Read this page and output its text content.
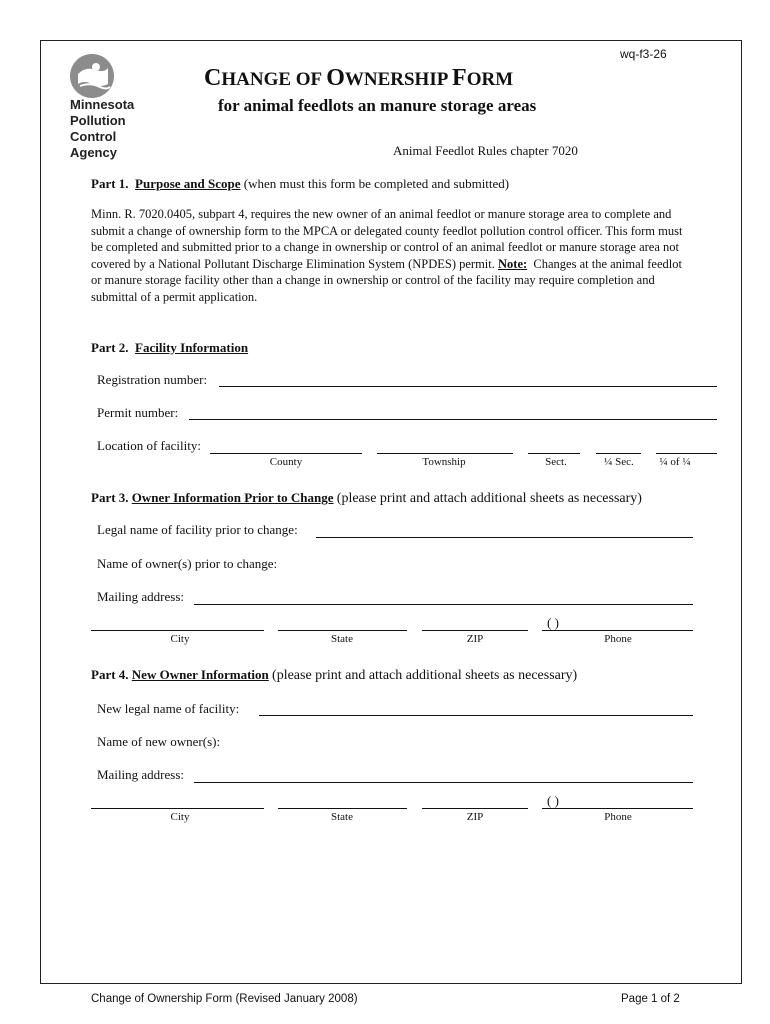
wq-f3-26
Minnesota
Pollution
Control
Agency
CHANGE OF OWNERSHIP FORM
for animal feedlots an manure storage areas
Animal Feedlot Rules chapter 7020
Part 1. Purpose and Scope (when must this form be completed and submitted)
Minn. R. 7020.0405, subpart 4, requires the new owner of an animal feedlot or manure storage area to complete and submit a change of ownership form to the MPCA or delegated county feedlot pollution control officer. This form must be completed and submitted prior to a change in ownership or control of an animal feedlot or manure storage area not covered by a National Pollutant Discharge Elimination System (NPDES) permit. Note: Changes at the animal feedlot or manure storage facility other than a change in ownership or control of the facility may require completion and submittal of a permit application.
Part 2. Facility Information
Registration number:
Permit number:
Location of facility:
County	Township	Sect.	¼ Sec.	¼ of ¼
Part 3. Owner Information Prior to Change (please print and attach additional sheets as necessary)
Legal name of facility prior to change:
Name of owner(s) prior to change:
Mailing address:
( )
City	State	ZIP	Phone
Part 4. New Owner Information (please print and attach additional sheets as necessary)
New legal name of facility:
Name of new owner(s):
Mailing address:
( )
City	State	ZIP	Phone
Change of Ownership Form (Revised January 2008)	Page 1 of 2
